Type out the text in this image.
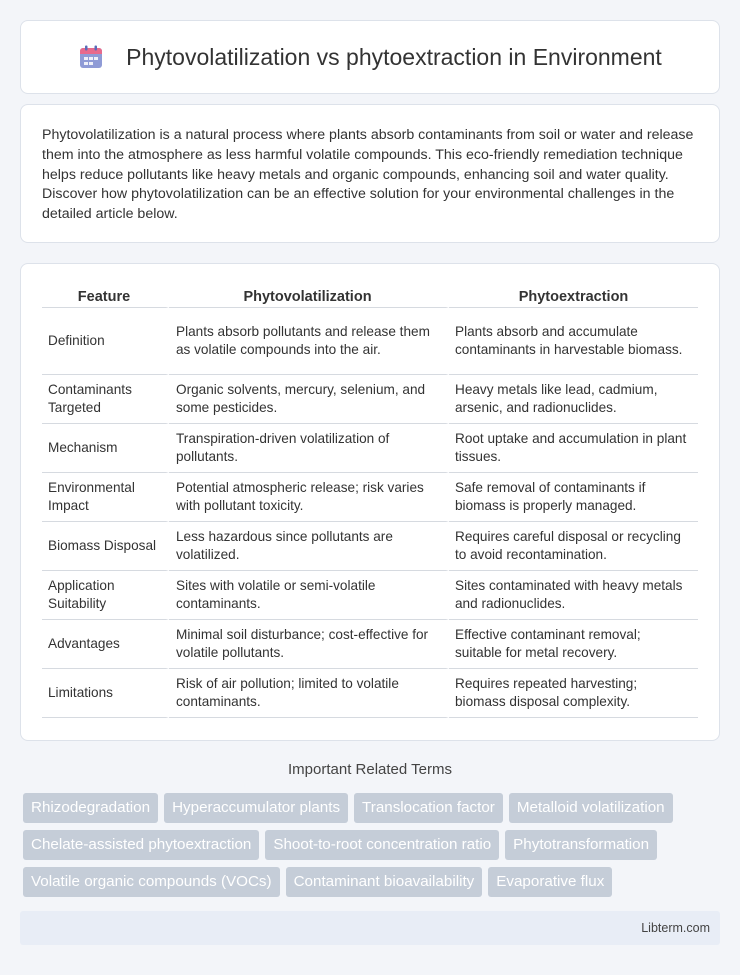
Phytovolatilization vs phytoextraction in Environment

Phytovolatilization is a natural process where plants absorb contaminants from soil or water and release them into the atmosphere as less harmful volatile compounds. This eco-friendly remediation technique helps reduce pollutants like heavy metals and organic compounds, enhancing soil and water quality. Discover how phytovolatilization can be an effective solution for your environmental challenges in the detailed article below.

Feature	Phytovolatilization	Phytoextraction
Definition	Plants absorb pollutants and release them as volatile compounds into the air.	Plants absorb and accumulate contaminants in harvestable biomass.
Contaminants Targeted	Organic solvents, mercury, selenium, and some pesticides.	Heavy metals like lead, cadmium, arsenic, and radionuclides.
Mechanism	Transpiration-driven volatilization of pollutants.	Root uptake and accumulation in plant tissues.
Environmental Impact	Potential atmospheric release; risk varies with pollutant toxicity.	Safe removal of contaminants if biomass is properly managed.
Biomass Disposal	Less hazardous since pollutants are volatilized.	Requires careful disposal or recycling to avoid recontamination.
Application Suitability	Sites with volatile or semi-volatile contaminants.	Sites contaminated with heavy metals and radionuclides.
Advantages	Minimal soil disturbance; cost-effective for volatile pollutants.	Effective contaminant removal; suitable for metal recovery.
Limitations	Risk of air pollution; limited to volatile contaminants.	Requires repeated harvesting; biomass disposal complexity.
Important Related Terms
Rhizodegradation	Hyperaccumulator plants	Translocation factor	Metalloid volatilization
Chelate-assisted phytoextraction	Shoot-to-root concentration ratio	Phytotransformation
Volatile organic compounds (VOCs)	Contaminant bioavailability	Evaporative flux
Libterm.com
